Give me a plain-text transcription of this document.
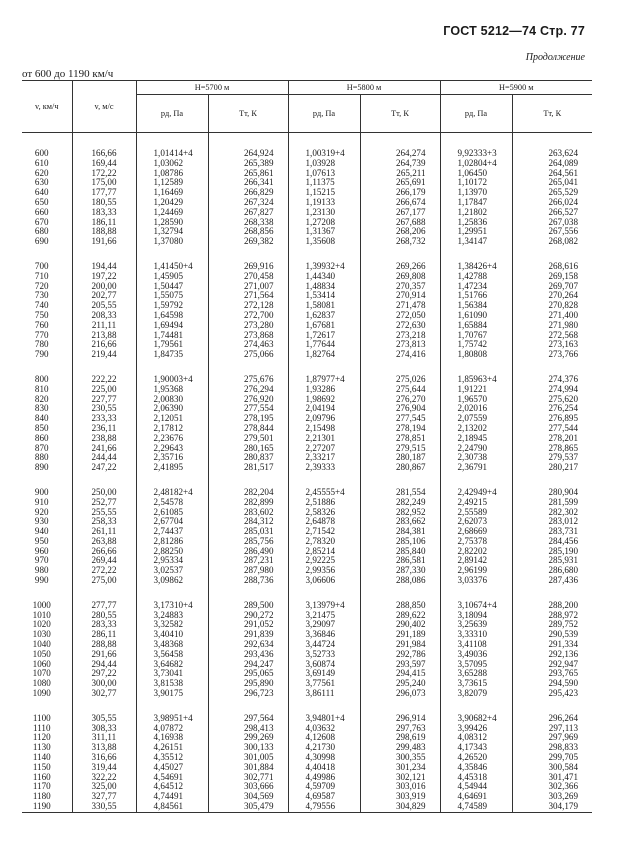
ГОСТ 5212—74 Стр. 77
Продолжение
от 600 до 1190 км/ч
v, км/ч	v, м/с	H=5700 м		H=5800 м		H=5900 м	
		pд, Па	Tт, К	pд, Па	Tт, К	pд, Па	Tт, К

600	166,66	1,01414+4	264,924	1,00319+4	264,274	9,92333+3	263,624
610	169,44	1,03062	265,389	1,03928	264,739	1,02804+4	264,089
620	172,22	1,08786	265,861	1,07613	265,211	1,06450	264,561
630	175,00	1,12589	266,341	1,11375	265,691	1,10172	265,041
640	177,77	1,16469	266,829	1,15215	266,179	1,13970	265,529
650	180,55	1,20429	267,324	1,19133	266,674	1,17847	266,024
660	183,33	1,24469	267,827	1,23130	267,177	1,21802	266,527
670	186,11	1,28590	268,338	1,27208	267,688	1,25836	267,038
680	188,88	1,32794	268,856	1,31367	268,206	1,29951	267,556
690	191,66	1,37080	269,382	1,35608	268,732	1,34147	268,082

700	194,44	1,41450+4	269,916	1,39932+4	269,266	1,38426+4	268,616
710	197,22	1,45905	270,458	1,44340	269,808	1,42788	269,158
720	200,00	1,50447	271,007	1,48834	270,357	1,47234	269,707
730	202,77	1,55075	271,564	1,53414	270,914	1,51766	270,264
740	205,55	1,59792	272,128	1,58081	271,478	1,56384	270,828
750	208,33	1,64598	272,700	1,62837	272,050	1,61090	271,400
760	211,11	1,69494	273,280	1,67681	272,630	1,65884	271,980
770	213,88	1,74481	273,868	1,72617	273,218	1,70767	272,568
780	216,66	1,79561	274,463	1,77644	273,813	1,75742	273,163
790	219,44	1,84735	275,066	1,82764	274,416	1,80808	273,766

800	222,22	1,90003+4	275,676	1,87977+4	275,026	1,85963+4	274,376
810	225,00	1,95368	276,294	1,93286	275,644	1,91221	274,994
820	227,77	2,00830	276,920	1,98692	276,270	1,96570	275,620
830	230,55	2,06390	277,554	2,04194	276,904	2,02016	276,254
840	233,33	2,12051	278,195	2,09796	277,545	2,07559	276,895
850	236,11	2,17812	278,844	2,15498	278,194	2,13202	277,544
860	238,88	2,23676	279,501	2,21301	278,851	2,18945	278,201
870	241,66	2,29643	280,165	2,27207	279,515	2,24790	278,865
880	244,44	2,35716	280,837	2,33217	280,187	2,30738	279,537
890	247,22	2,41895	281,517	2,39333	280,867	2,36791	280,217

900	250,00	2,48182+4	282,204	2,45555+4	281,554	2,42949+4	280,904
910	252,77	2,54578	282,899	2,51886	282,249	2,49215	281,599
920	255,55	2,61085	283,602	2,58326	282,952	2,55589	282,302
930	258,33	2,67704	284,312	2,64878	283,662	2,62073	283,012
940	261,11	2,74437	285,031	2,71542	284,381	2,68669	283,731
950	263,88	2,81286	285,756	2,78320	285,106	2,75378	284,456
960	266,66	2,88250	286,490	2,85214	285,840	2,82202	285,190
970	269,44	2,95334	287,231	2,92225	286,581	2,89142	285,931
980	272,22	3,02537	287,980	2,99356	287,330	2,96199	286,680
990	275,00	3,09862	288,736	3,06606	288,086	3,03376	287,436

1000	277,77	3,17310+4	289,500	3,13979+4	288,850	3,10674+4	288,200
1010	280,55	3,24883	290,272	3,21475	289,622	3,18094	288,972
1020	283,33	3,32582	291,052	3,29097	290,402	3,25639	289,752
1030	286,11	3,40410	291,839	3,36846	291,189	3,33310	290,539
1040	288,88	3,48368	292,634	3,44724	291,984	3,41108	291,334
1050	291,66	3,56458	293,436	3,52733	292,786	3,49036	292,136
1060	294,44	3,64682	294,247	3,60874	293,597	3,57095	292,947
1070	297,22	3,73041	295,065	3,69149	294,415	3,65288	293,765
1080	300,00	3,81538	295,890	3,77561	295,240	3,73615	294,590
1090	302,77	3,90175	296,723	3,86111	296,073	3,82079	295,423

1100	305,55	3,98951+4	297,564	3,94801+4	296,914	3,90682+4	296,264
1110	308,33	4,07872	298,413	4,03632	297,763	3,99426	297,113
1120	311,11	4,16938	299,269	4,12608	298,619	4,08312	297,969
1130	313,88	4,26151	300,133	4,21730	299,483	4,17343	298,833
1140	316,66	4,35512	301,005	4,30998	300,355	4,26520	299,705
1150	319,44	4,45027	301,884	4,40418	301,234	4,35846	300,584
1160	322,22	4,54691	302,771	4,49986	302,121	4,45318	301,471
1170	325,00	4,64512	303,666	4,59709	303,016	4,54944	302,366
1180	327,77	4,74491	304,569	4,69587	303,919	4,64691	303,269
1190	330,55	4,84561	305,479	4,79556	304,829	4,74589	304,179
